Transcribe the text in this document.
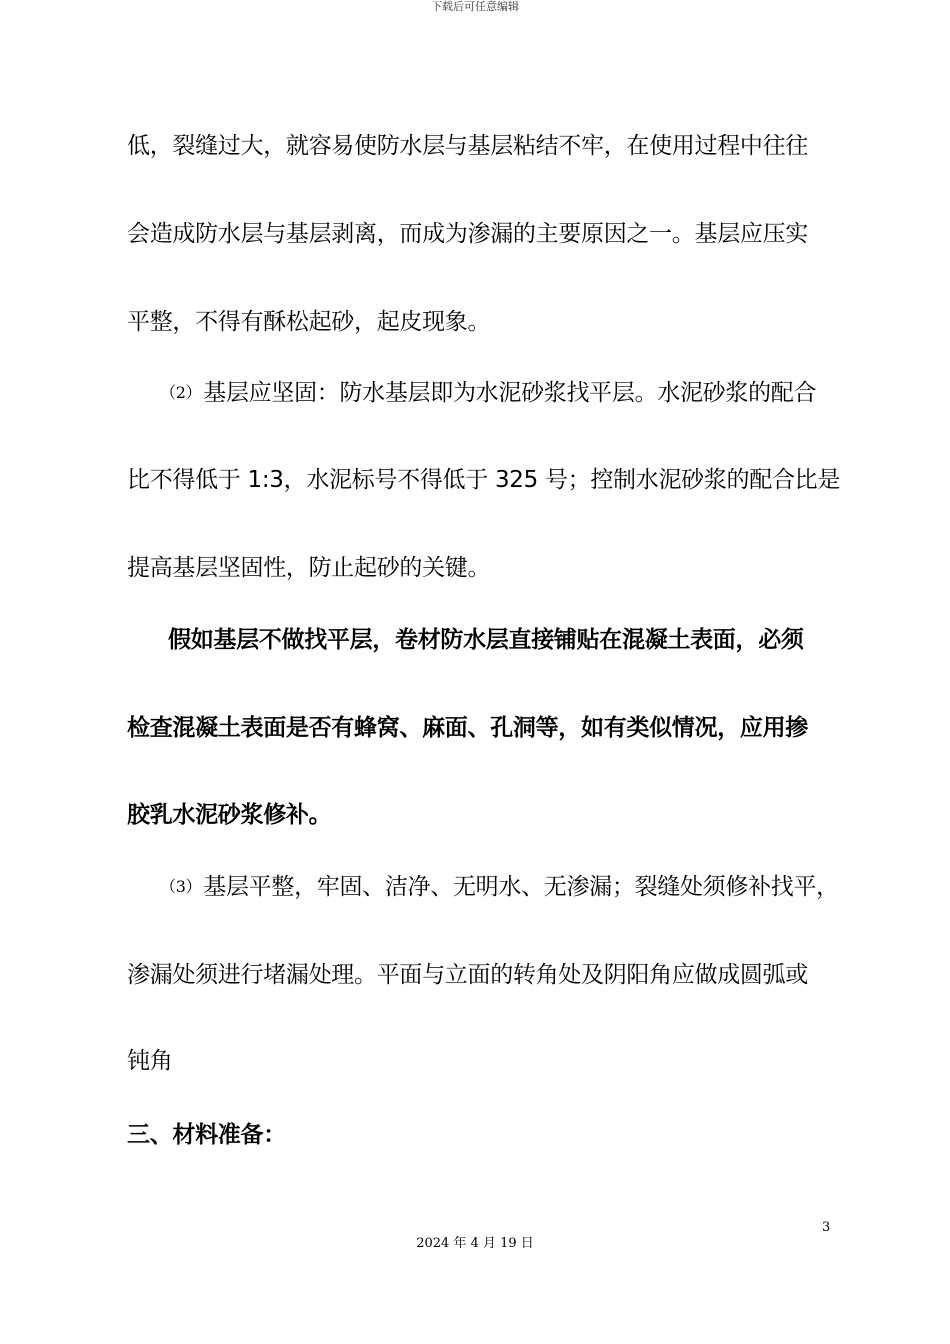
下载后可任意编辑
低，裂缝过大，就容易使防水层与基层粘结不牢，在使用过程中往往
会造成防水层与基层剥离，而成为渗漏的主要原因之一。基层应压实
平整，不得有酥松起砂，起皮现象。
（2）基层应坚固：防水基层即为水泥砂浆找平层。水泥砂浆的配合
比不得低于 1:3，水泥标号不得低于 325 号；控制水泥砂浆的配合比是
提高基层坚固性，防止起砂的关键。
假如基层不做找平层，卷材防水层直接铺贴在混凝土表面，必须
检查混凝土表面是否有蜂窝、麻面、孔洞等，如有类似情况，应用掺
胶乳水泥砂浆修补。
（3）基层平整，牢固、洁净、无明水、无渗漏；裂缝处须修补找平，
渗漏处须进行堵漏处理。平面与立面的转角处及阴阳角应做成圆弧或
钝角
三、材料准备：
3
2024 年 4 月 19 日
